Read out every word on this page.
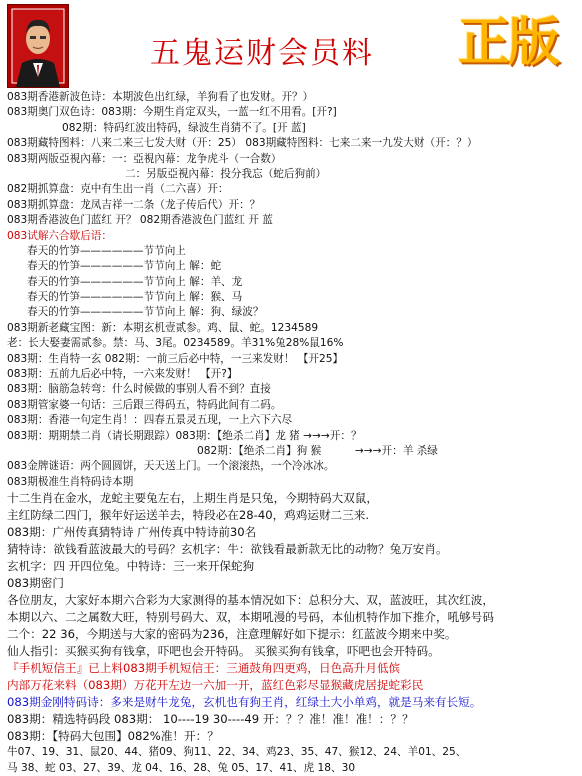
五鬼运财会员料 正版
083期香港新波色诗：本期波色出红绿，羊狗看了也发财。开？）
083期奥门双色诗：083期：今期生肖定双头，一蓝一红不用看。[开?]
082期：特码红波出特码，绿波生肖猜不了。[开 蓝]
083期藏特图料：八来二来三七发大财（开：25） 083期藏特图料：七来二来一九发大财（开：？）
083期两版亞視內幕：一：亞視內幕：龙争虎斗（一合数）
二：另版亞視內幕：投分我忘（蛇后狗前）
082期抓算盘：克中有生出一肖（二六喜）开：
083期抓算盘：龙凤吉祥一二条（龙子传后代）开：？
083期香港波色门蓝红 开？ 082期香港波色门蓝红 开 蓝
083试解六合歇后语：
春天的竹笋——————节节向上
春天的竹笋——————节节向上 解：蛇
春天的竹笋——————节节向上 解：羊、龙
春天的竹笋——————节节向上 解：猴、马
春天的竹笋——————节节向上 解：狗、绿波？
083期新老藏宝图：新：本期玄机壹贰参。鸡、鼠、蛇。1234589
老：长大娶妻需贰参。禁：马、3尾。0234589。羊31%兔28%鼠16%
083期：生肖特一玄 082期：一前三后必中特，一三来发财！ 【开25】
083期：五前九后必中特，一六来发财！ 【开?】
083期：脑筋急转弯：什么时候做的事别人看不到？直接
083期管家婆一句话：三后跟三得码五，特码此间有二码。
083期：香港一句定生肖！：四春五景灵五现，一上六下六尽
083期：期期禁二肖（请长期跟踪）083期：【绝杀二肖】龙 猪 →→→开：？
082期：【绝杀二肖】狗 猴          →→→开：羊 杀绿
083金牌谜语：两个圆圆饼，天天送上门。一个滚滚热，一个冷冰冰。
083期极准生肖特码诗本期
十二生肖在金水，龙蛇主要兔左右，上期生肖是只兔，今期特码大双鼠，
主红防绿二四门，猴年好运送羊去，特段必在28-40，鸡鸡运财二三来.
083期：广州传真猜特诗 广州传真中特诗前30名
猜特诗：欲钱看蓝波最大的号码？玄机字：牛：欲钱看最新款无比的动物？兔万安肖。
玄机字：四 开四位兔。中特诗：三一来开保蛇狗
083期密门
各位朋友，大家好本期六合彩为大家测得的基本情况如下：总积分大、双，蓝波旺，其次红波，
本期以六、二之属数大旺，特别号码大、双，本期吼漫的号码，本仙机特作加下推介，吼够号码
二个：22 36，今期送与大家的密码为236，注意理解好如下提示：红蓝波今期来中奖。
仙人指引：买猴买狗有钱拿，吓吧也会开特码。 买猴买狗有钱拿，吓吧也会开特码。
『手机短信王』已上料083期手机短信王：三通鼓角四更鸡，日色高升月低傧
内部万花来料（083期）万花开左边一六加一开，蓝红色彩尽显猴藏虎居捉蛇彩民
083期金刚特码诗：多来是财牛龙兔，玄机也有狗王肖，红绿土大小单鸡，就是马来有长短。
083期：精选特码段 083期： 10----19 30----49 开：？？准！准！准！：？？
083期：【特码大包围】082%准！开：？
牛07、19、31、鼠20、44、猪09、狗11、22、34、鸡23、35、47、猴12、24、羊01、25、
马 38、蛇 03、27、39、龙 04、16、28、兔 05、17、41、虎 18、30
